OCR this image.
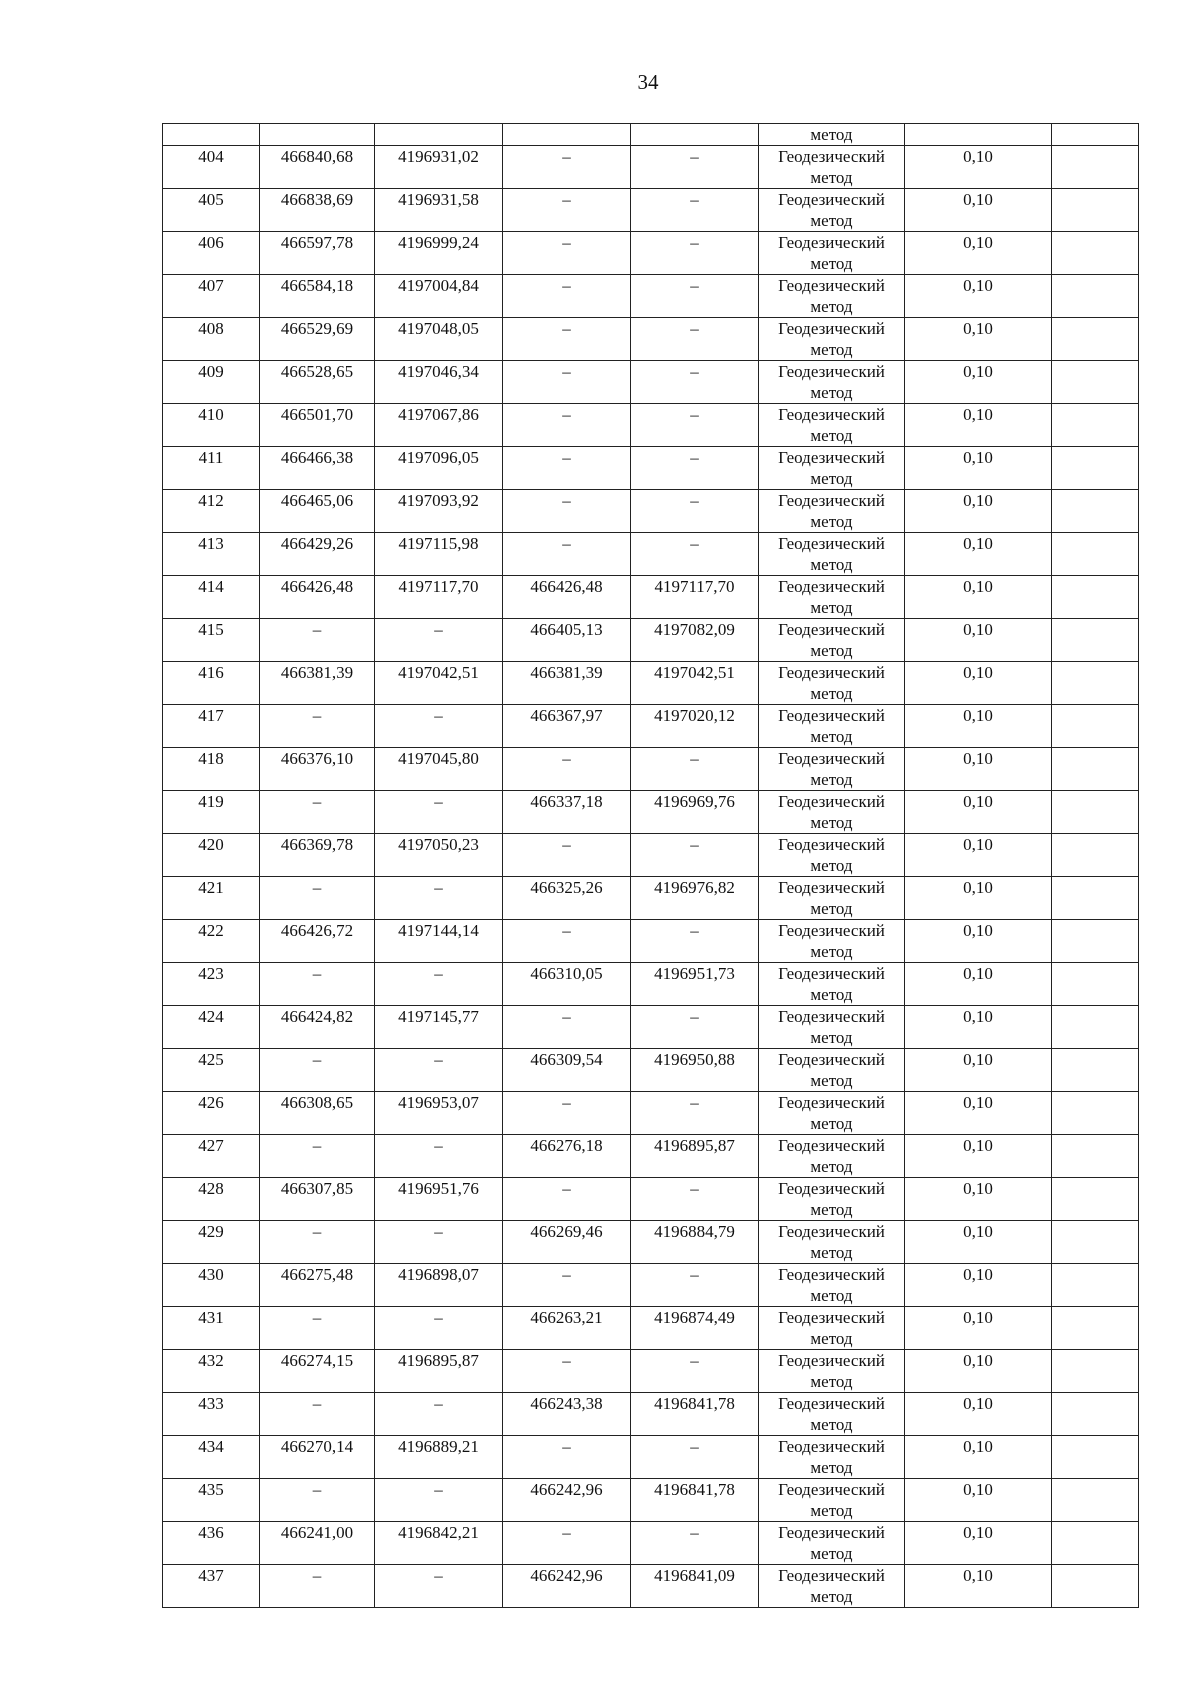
34

					метод		

404	466840,68	4196931,02	–	–	Геодезический
метод	0,10	

405	466838,69	4196931,58	–	–	Геодезический
метод	0,10	

406	466597,78	4196999,24	–	–	Геодезический
метод	0,10	

407	466584,18	4197004,84	–	–	Геодезический
метод	0,10	

408	466529,69	4197048,05	–	–	Геодезический
метод	0,10	

409	466528,65	4197046,34	–	–	Геодезический
метод	0,10	

410	466501,70	4197067,86	–	–	Геодезический
метод	0,10	

411	466466,38	4197096,05	–	–	Геодезический
метод	0,10	

412	466465,06	4197093,92	–	–	Геодезический
метод	0,10	

413	466429,26	4197115,98	–	–	Геодезический
метод	0,10	

414	466426,48	4197117,70	466426,48	4197117,70	Геодезический
метод	0,10	

415	–	–	466405,13	4197082,09	Геодезический
метод	0,10	

416	466381,39	4197042,51	466381,39	4197042,51	Геодезический
метод	0,10	

417	–	–	466367,97	4197020,12	Геодезический
метод	0,10	

418	466376,10	4197045,80	–	–	Геодезический
метод	0,10	

419	–	–	466337,18	4196969,76	Геодезический
метод	0,10	

420	466369,78	4197050,23	–	–	Геодезический
метод	0,10	

421	–	–	466325,26	4196976,82	Геодезический
метод	0,10	

422	466426,72	4197144,14	–	–	Геодезический
метод	0,10	

423	–	–	466310,05	4196951,73	Геодезический
метод	0,10	

424	466424,82	4197145,77	–	–	Геодезический
метод	0,10	

425	–	–	466309,54	4196950,88	Геодезический
метод	0,10	

426	466308,65	4196953,07	–	–	Геодезический
метод	0,10	

427	–	–	466276,18	4196895,87	Геодезический
метод	0,10	

428	466307,85	4196951,76	–	–	Геодезический
метод	0,10	

429	–	–	466269,46	4196884,79	Геодезический
метод	0,10	

430	466275,48	4196898,07	–	–	Геодезический
метод	0,10	

431	–	–	466263,21	4196874,49	Геодезический
метод	0,10	

432	466274,15	4196895,87	–	–	Геодезический
метод	0,10	

433	–	–	466243,38	4196841,78	Геодезический
метод	0,10	

434	466270,14	4196889,21	–	–	Геодезический
метод	0,10	

435	–	–	466242,96	4196841,78	Геодезический
метод	0,10	

436	466241,00	4196842,21	–	–	Геодезический
метод	0,10	

437	–	–	466242,96	4196841,09	Геодезический
метод	0,10	
